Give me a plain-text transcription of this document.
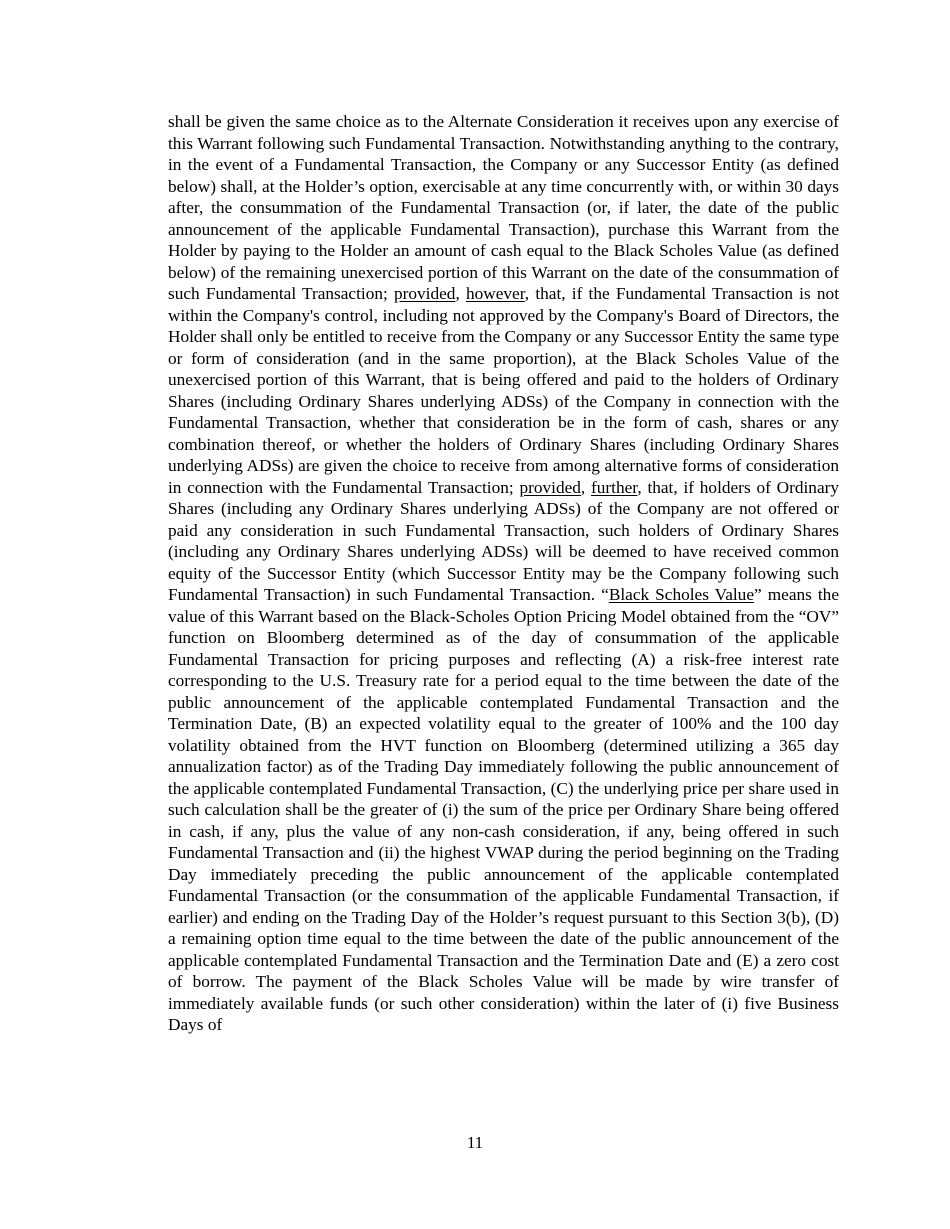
shall be given the same choice as to the Alternate Consideration it receives upon any exercise of this Warrant following such Fundamental Transaction. Notwithstanding anything to the contrary, in the event of a Fundamental Transaction, the Company or any Successor Entity (as defined below) shall, at the Holder’s option, exercisable at any time concurrently with, or within 30 days after, the consummation of the Fundamental Transaction (or, if later, the date of the public announcement of the applicable Fundamental Transaction), purchase this Warrant from the Holder by paying to the Holder an amount of cash equal to the Black Scholes Value (as defined below) of the remaining unexercised portion of this Warrant on the date of the consummation of such Fundamental Transaction; provided, however, that, if the Fundamental Transaction is not within the Company's control, including not approved by the Company's Board of Directors, the Holder shall only be entitled to receive from the Company or any Successor Entity the same type or form of consideration (and in the same proportion), at the Black Scholes Value of the unexercised portion of this Warrant, that is being offered and paid to the holders of Ordinary Shares (including Ordinary Shares underlying ADSs) of the Company in connection with the Fundamental Transaction, whether that consideration be in the form of cash, shares or any combination thereof, or whether the holders of Ordinary Shares (including Ordinary Shares underlying ADSs) are given the choice to receive from among alternative forms of consideration in connection with the Fundamental Transaction; provided, further, that, if holders of Ordinary Shares (including any Ordinary Shares underlying ADSs) of the Company are not offered or paid any consideration in such Fundamental Transaction, such holders of Ordinary Shares (including any Ordinary Shares underlying ADSs) will be deemed to have received common equity of the Successor Entity (which Successor Entity may be the Company following such Fundamental Transaction) in such Fundamental Transaction. “Black Scholes Value” means the value of this Warrant based on the Black-Scholes Option Pricing Model obtained from the “OV” function on Bloomberg determined as of the day of consummation of the applicable Fundamental Transaction for pricing purposes and reflecting (A) a risk-free interest rate corresponding to the U.S. Treasury rate for a period equal to the time between the date of the public announcement of the applicable contemplated Fundamental Transaction and the Termination Date, (B) an expected volatility equal to the greater of 100% and the 100 day volatility obtained from the HVT function on Bloomberg (determined utilizing a 365 day annualization factor) as of the Trading Day immediately following the public announcement of the applicable contemplated Fundamental Transaction, (C) the underlying price per share used in such calculation shall be the greater of (i) the sum of the price per Ordinary Share being offered in cash, if any, plus the value of any non-cash consideration, if any, being offered in such Fundamental Transaction and (ii) the highest VWAP during the period beginning on the Trading Day immediately preceding the public announcement of the applicable contemplated Fundamental Transaction (or the consummation of the applicable Fundamental Transaction, if earlier) and ending on the Trading Day of the Holder’s request pursuant to this Section 3(b), (D) a remaining option time equal to the time between the date of the public announcement of the applicable contemplated Fundamental Transaction and the Termination Date and (E) a zero cost of borrow. The payment of the Black Scholes Value will be made by wire transfer of immediately available funds (or such other consideration) within the later of (i) five Business Days of

11
